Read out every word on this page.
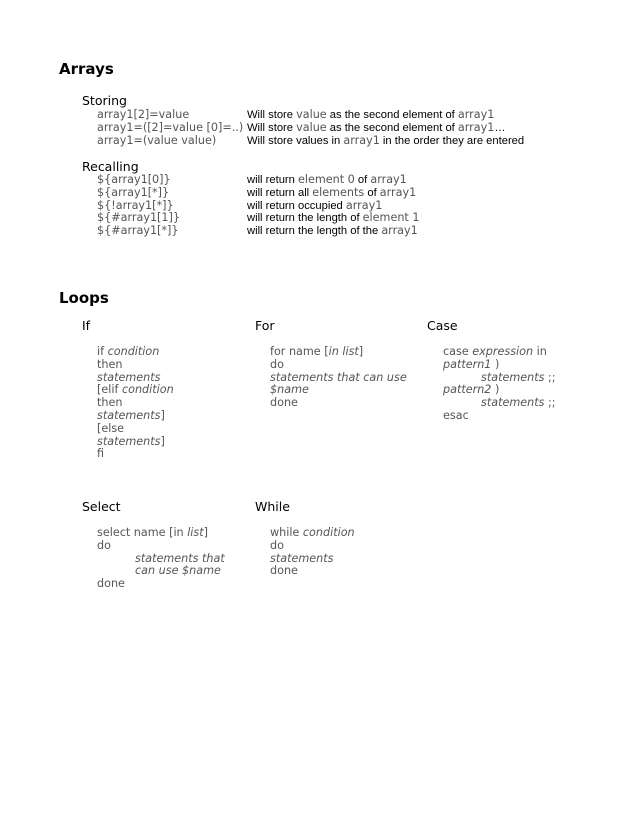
Arrays
Storing
array1[2]=value
array1=([2]=value [0]=..)
array1=(value value)
Will store value as the second element of array1
Will store value as the second element of array1…
Will store values in array1 in the order they are entered
Recalling
${array1[0]}
${array1[*]}
${!array1[*]}
${#array1[1]}
${#array1[*]}
will return element 0 of array1
will return all elements of array1
will return occupied array1
will return the length of element 1
will return the length of the array1
Loops
If
if condition
then
statements
[elif condition
then
statements]
[else
statements]
fi
For
for name [in list]
do
statements that can use
$name
done
Case
case expression in
pattern1 )
statements ;;
pattern2 )
statements ;;
esac
Select
select name [in list]
do
statements that
can use $name
done
While
while condition
do
statements
done
